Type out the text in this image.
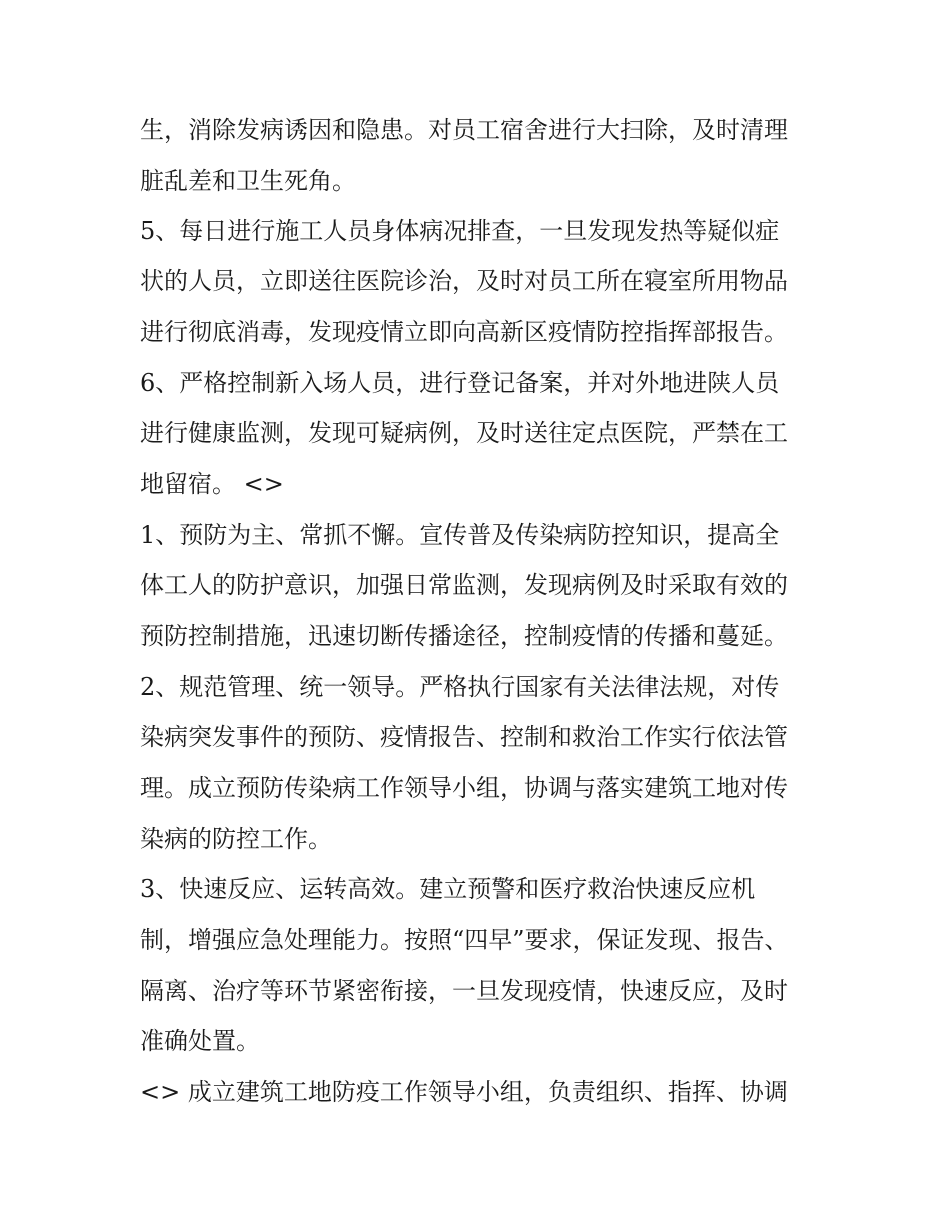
生，消除发病诱因和隐患。对员工宿舍进行大扫除，及时清理
脏乱差和卫生死角。
5、每日进行施工人员身体病况排查，一旦发现发热等疑似症
状的人员，立即送往医院诊治，及时对员工所在寝室所用物品
进行彻底消毒，发现疫情立即向高新区疫情防控指挥部报告。
6、严格控制新入场人员，进行登记备案，并对外地进陕人员
进行健康监测，发现可疑病例，及时送往定点医院，严禁在工
地留宿。 <>
1、预防为主、常抓不懈。宣传普及传染病防控知识，提高全
体工人的防护意识，加强日常监测，发现病例及时采取有效的
预防控制措施，迅速切断传播途径，控制疫情的传播和蔓延。
2、规范管理、统一领导。严格执行国家有关法律法规，对传
染病突发事件的预防、疫情报告、控制和救治工作实行依法管
理。成立预防传染病工作领导小组，协调与落实建筑工地对传
染病的防控工作。
3、快速反应、运转高效。建立预警和医疗救治快速反应机
制，增强应急处理能力。按照“四早”要求，保证发现、报告、
隔离、治疗等环节紧密衔接，一旦发现疫情，快速反应，及时
准确处置。
<> 成立建筑工地防疫工作领导小组，负责组织、指挥、协调
